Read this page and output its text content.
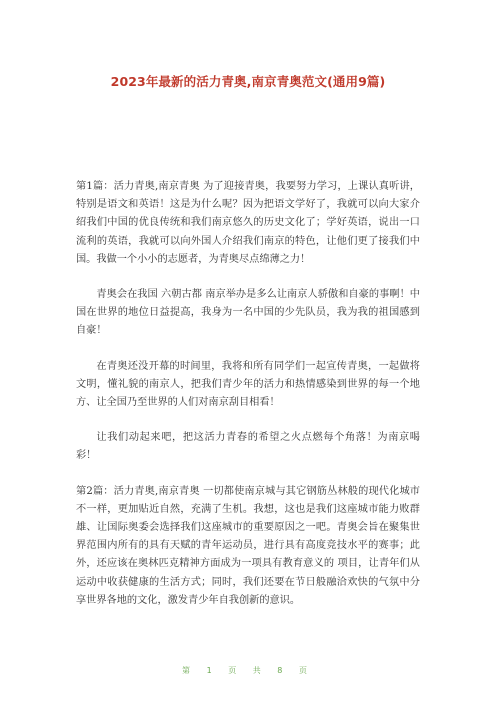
2023年最新的活力青奥,南京青奥范文(通用9篇)

第1篇：活力青奥,南京青奥 为了迎接青奥，我要努力学习，上课认真听讲，特别是语文和英语！这是为什么呢？因为把语文学好了，我就可以向大家介绍我们中国的优良传统和我们南京悠久的历史文化了；学好英语，说出一口流利的英语，我就可以向外国人介绍我们南京的特色，让他们更了接我们中国。我做一个小小的志愿者，为青奥尽点绵薄之力！

青奥会在我国 六朝古都 南京举办是多么让南京人骄傲和自豪的事啊！中国在世界的地位日益提高，我身为一名中国的少先队员，我为我的祖国感到自豪！

在青奥还没开幕的时间里，我将和所有同学们一起宣传青奥，一起做将文明，懂礼貌的南京人，把我们青少年的活力和热情感染到世界的每一个地方、让全国乃至世界的人们对南京刮目相看！

让我们动起来吧，把这活力青春的希望之火点燃每个角落！为南京喝彩！

第2篇：活力青奥,南京青奥 一切都使南京城与其它钢筋丛林般的现代化城市不一样，更加贴近自然，充满了生机。我想，这也是我们这座城市能力败群雄、让国际奥委会选择我们这座城市的重要原因之一吧。青奥会旨在聚集世界范围内所有的具有天赋的青年运动员，进行具有高度竞技水平的赛事；此外，还应该在奥林匹克精神方面成为一项具有教育意义的 项目，让青年们从运动中收获健康的生活方式；同时，我们还要在节日般融洽欢快的气氛中分享世界各地的文化，激发青少年自我创新的意识。

第 1 页 共 8 页
